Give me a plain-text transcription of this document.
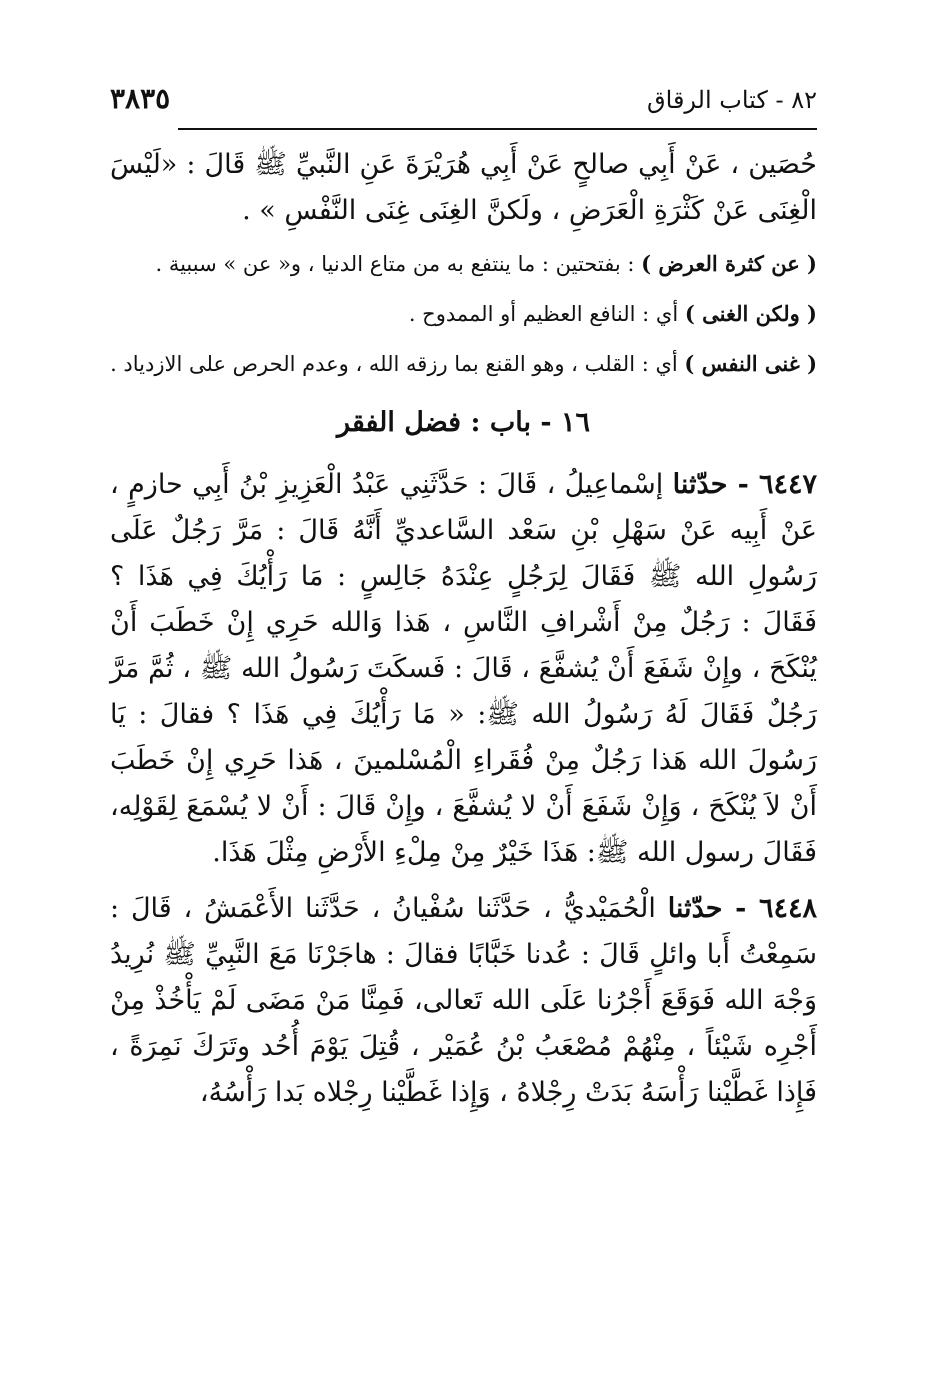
٨٢ - كتاب الرقاق
٣٨٣٥

حُصَين ، عَنْ أَبِي صالحٍ عَنْ أَبِي هُرَيْرَةَ عَنِ النَّبيِّ ﷺ قَالَ : «لَيْسَ الْغِنَى عَنْ كَثْرَةِ الْعَرَضِ ، ولَكنَّ الغِنَى غِنَى النَّفْسِ » .

( عن كثرة العرض ) : بفتحتين : ما ينتفع به من متاع الدنيا ، و« عن » سببية .

( ولكن الغنى ) أي : النافع العظيم أو الممدوح .

( غنى النفس ) أي : القلب ، وهو القنع بما رزقه الله ، وعدم الحرص على الازدياد .

١٦ - باب : فضل الفقر

٦٤٤٧ - حدّثنا إسْماعِيلُ ، قَالَ : حَدَّثَنِي عَبْدُ الْعَزِيزِ بْنُ أَبِي حازمٍ ، عَنْ أَبِيه عَنْ سَهْلِ بْنِ سَعْد السَّاعديِّ أَنَّهُ قَالَ : مَرَّ رَجُلٌ عَلَى رَسُولِ الله ﷺ فَقَالَ لِرَجُلٍ عِنْدَهُ جَالِسٍ : مَا رَأْيُكَ فِي هَذَا ؟ فَقَالَ : رَجُلٌ مِنْ أَشْرافِ النَّاسِ ، هَذا وَالله حَرِي إِنْ خَطَبَ أَنْ يُنْكَحَ ، وإِنْ شَفَعَ أَنْ يُشفَّعَ ، قَالَ : فَسكَتَ رَسُولُ الله ﷺ ، ثُمَّ مَرَّ رَجُلٌ فَقَالَ لَهُ رَسُولُ الله ﷺ: « مَا رَأْيُكَ فِي هَذَا ؟ فقالَ : يَا رَسُولَ الله هَذا رَجُلٌ مِنْ فُقَراءِ الْمُسْلمينَ ، هَذا حَرِي إِنْ خَطَبَ أَنْ لاَ يُنْكَحَ ، وَإِنْ شَفَعَ أَنْ لا يُشفَّعَ ، وإِنْ قَالَ : أَنْ لا يُسْمَعَ لِقَوْلِه، فَقَالَ رسول الله ﷺ: هَذَا خَيْرٌ مِنْ مِلْءِ الأَرْضِ مِثْلَ هَذَا.

٦٤٤٨ - حدّثنا الْحُمَيْديُّ ، حَدَّثَنا سُفْيانُ ، حَدَّثَنا الأَعْمَشُ ، قَالَ : سَمِعْتُ أَبا وائلٍ قَالَ : عُدنا خَبَّابًا فقالَ : هاجَرْنَا مَعَ النَّبِيِّ ﷺ نُرِيدُ وَجْهَ الله فَوَقَعَ أَجْرُنا عَلَى الله تَعالى، فَمِنَّا مَنْ مَضَى لَمْ يَأْخُذْ مِنْ أَجْرِه شَيْئاً ، مِنْهُمْ مُصْعَبُ بْنُ عُمَيْر ، قُتِلَ يَوْمَ أُحُد وتَرَكَ نَمِرَةً ، فَإِذا غَطَّيْنا رَأْسَهُ بَدَتْ رِجْلاهُ ، وَإِذا غَطَّيْنا رِجْلاه بَدا رَأْسُهُ،
